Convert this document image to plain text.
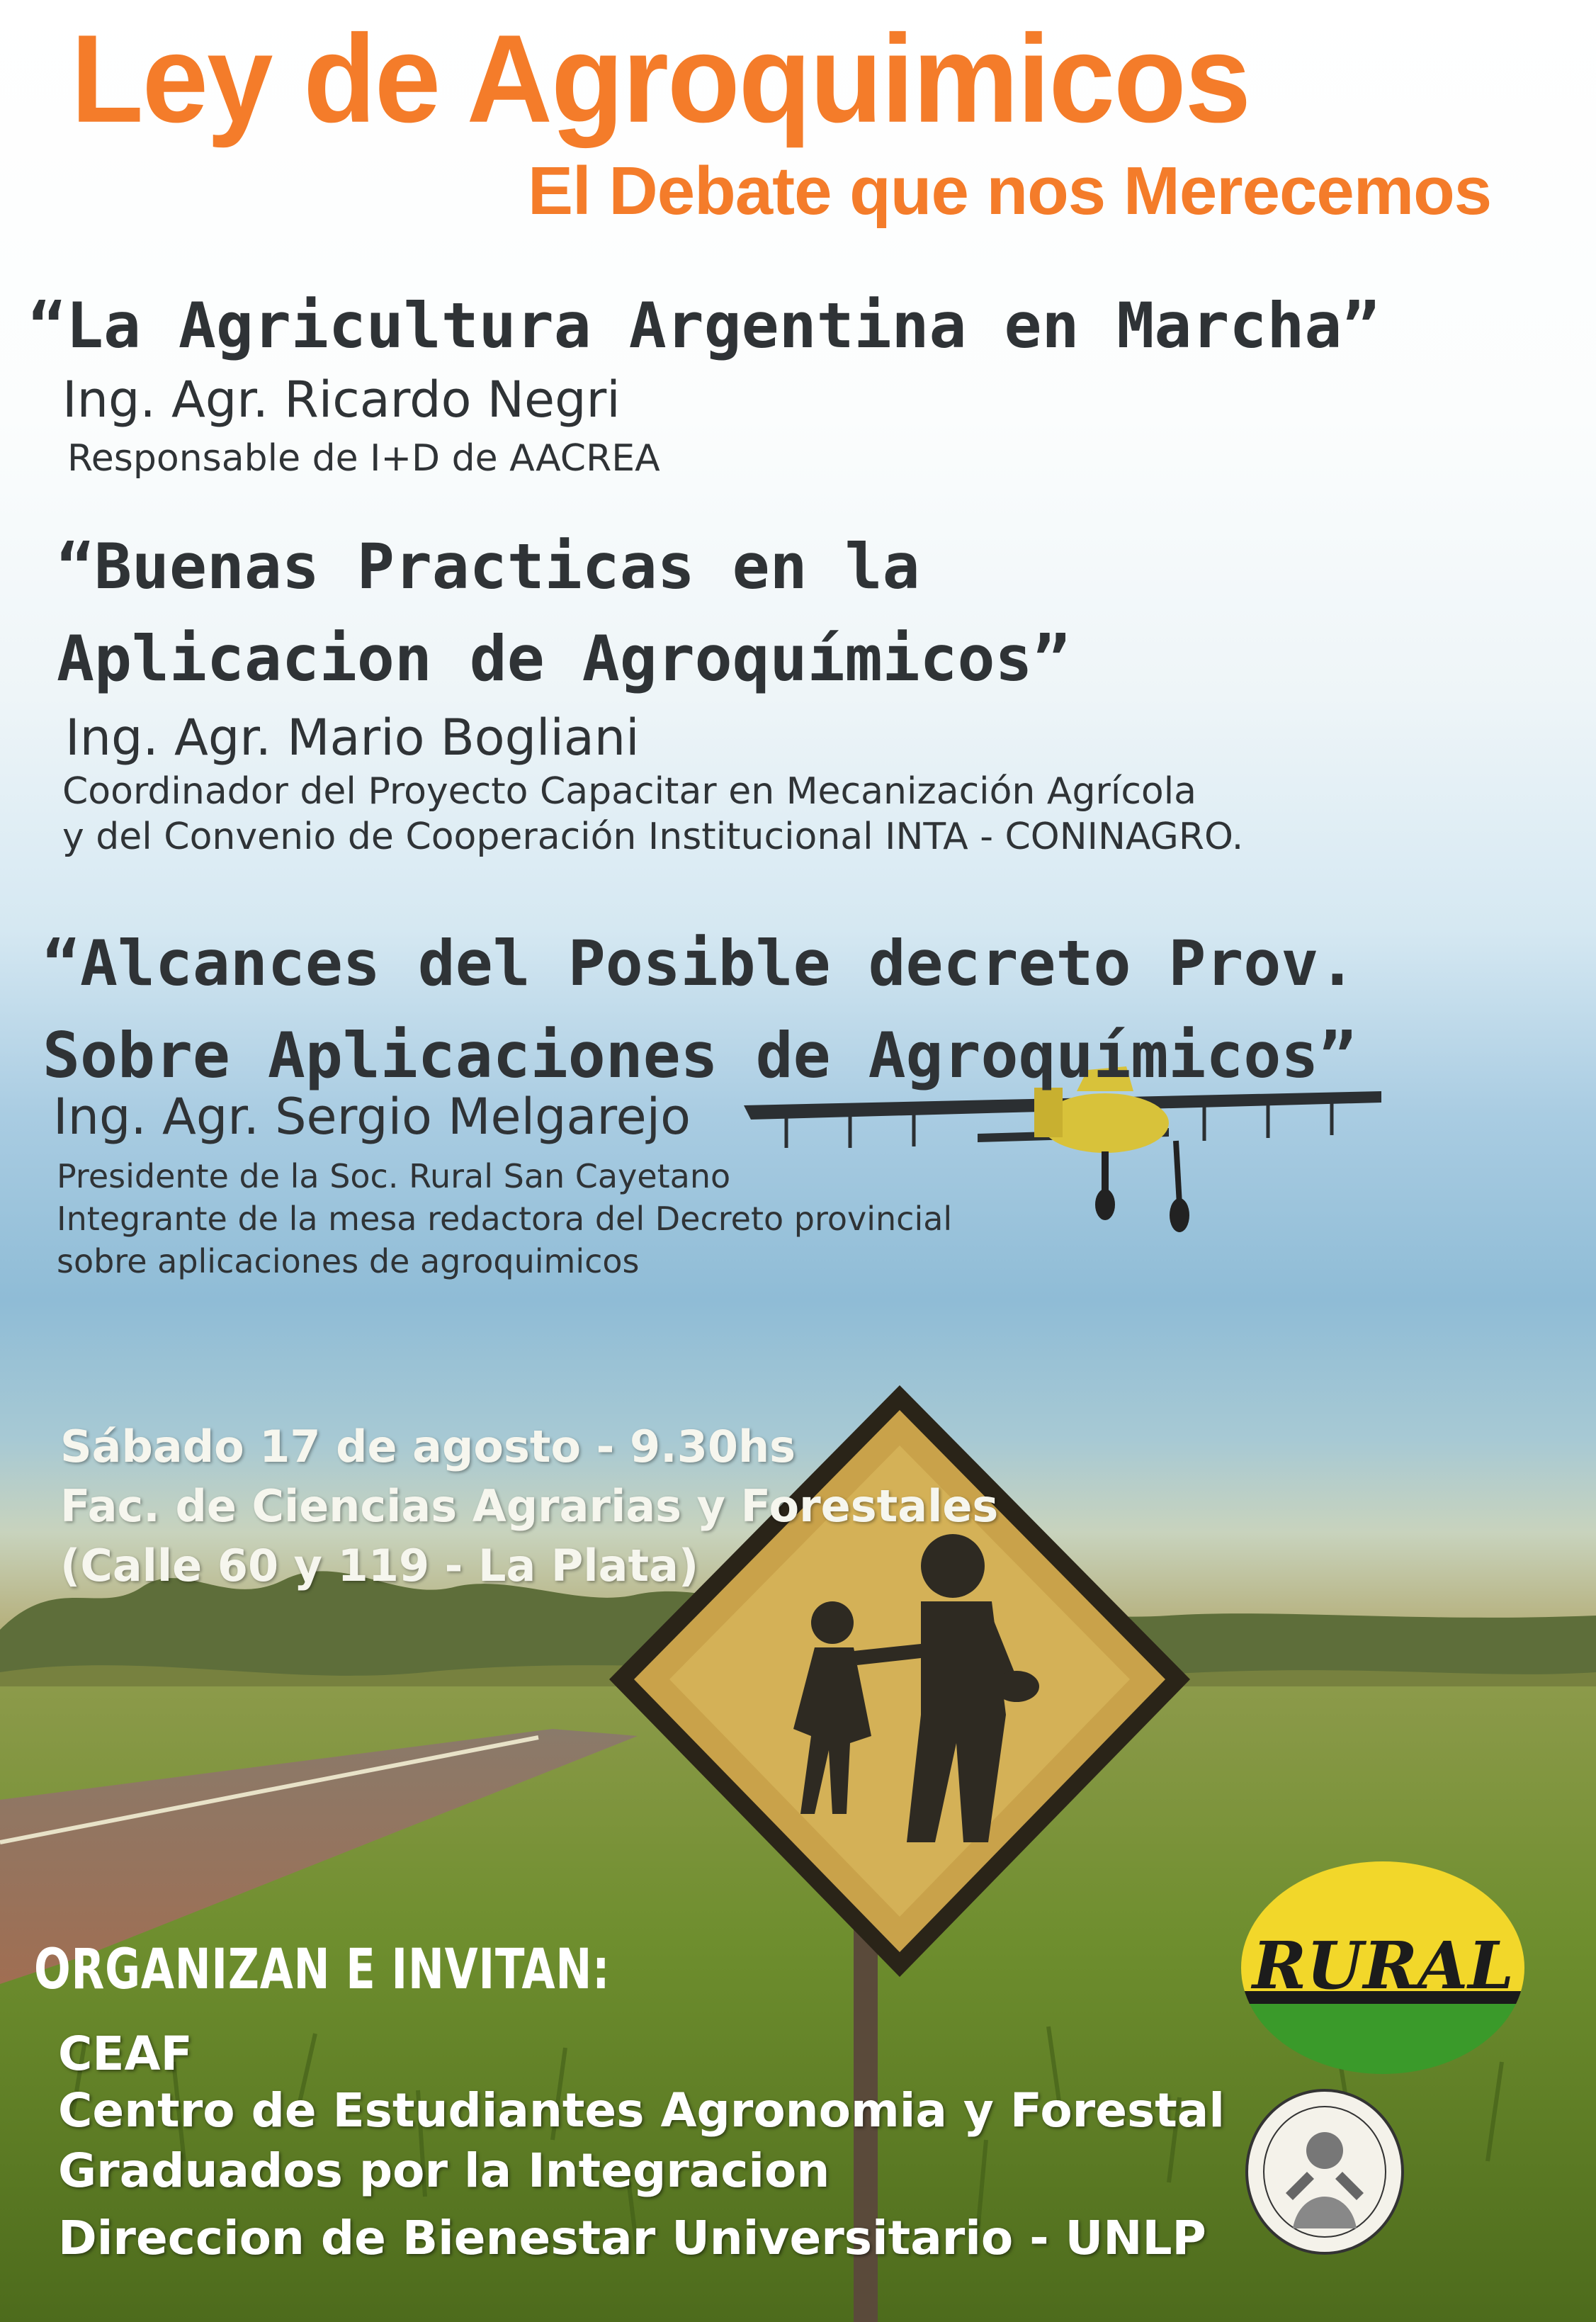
Ley de Agroquimicos
El Debate que nos Merecemos
“La Agricultura Argentina en Marcha”
Ing. Agr. Ricardo Negri
Responsable de I+D de AACREA
“Buenas Practicas en la
Aplicacion de Agroquímicos”
Ing. Agr. Mario Bogliani
Coordinador del Proyecto Capacitar en Mecanización Agrícola
y del Convenio de Cooperación Institucional INTA - CONINAGRO.
“Alcances del Posible decreto Prov.
Sobre Aplicaciones de Agroquímicos”
Ing. Agr. Sergio Melgarejo
Presidente de la Soc. Rural San Cayetano
Integrante de la mesa redactora del Decreto provincial
sobre aplicaciones de agroquimicos
Sábado 17 de agosto - 9.30hs
Fac. de Ciencias Agrarias y Forestales
(Calle 60 y 119 - La Plata)
ORGANIZAN E INVITAN:
CEAF
Centro de Estudiantes Agronomia y Forestal
Graduados por la Integracion
Direccion de Bienestar Universitario - UNLP
RURAL
